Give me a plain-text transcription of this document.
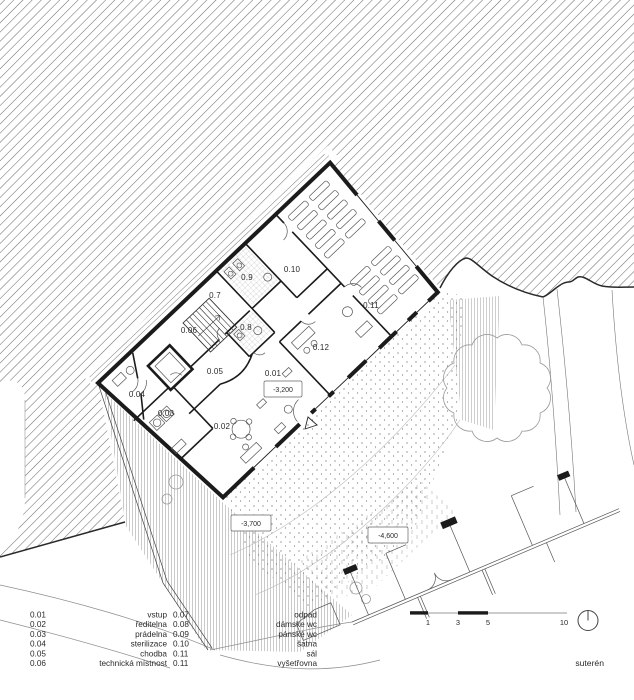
0.01
0.02
0.03
0.04
0.05
0.06
0.7
0.8
0.9
0.10
0.11
0.12
-3,200
-3,700
-4,600
1	3	5	10
0.01	vstup 0.07	odpad
0.02	ředitelna 0.08	dámske wc
0.03	prádelna 0.09	pánské wc
0.04	sterilizace 0.10	šatna
0.05	chodba 0.11	sál
0.06	technická místnost 0.11	vyšetřovna	suterén
